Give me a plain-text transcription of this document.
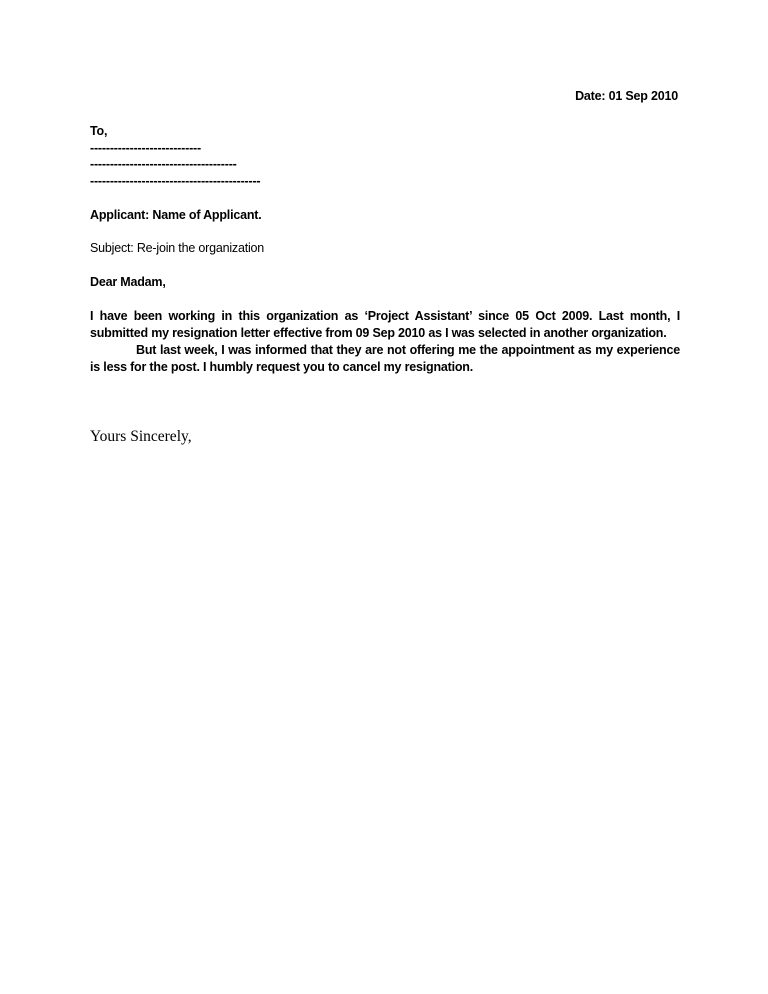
Date: 01 Sep 2010
To,
----------------------------
-------------------------------------
-------------------------------------------
Applicant: Name of Applicant.
Subject: Re-join the organization
Dear Madam,

I have been working in this organization as ‘Project Assistant’ since 05 Oct 2009. Last month, I submitted my resignation letter effective from 09 Sep 2010 as I was selected in another organization.

But last week, I was informed that they are not offering me the appointment as my experience is less for the post. I humbly request you to cancel my resignation.

Yours Sincerely,
